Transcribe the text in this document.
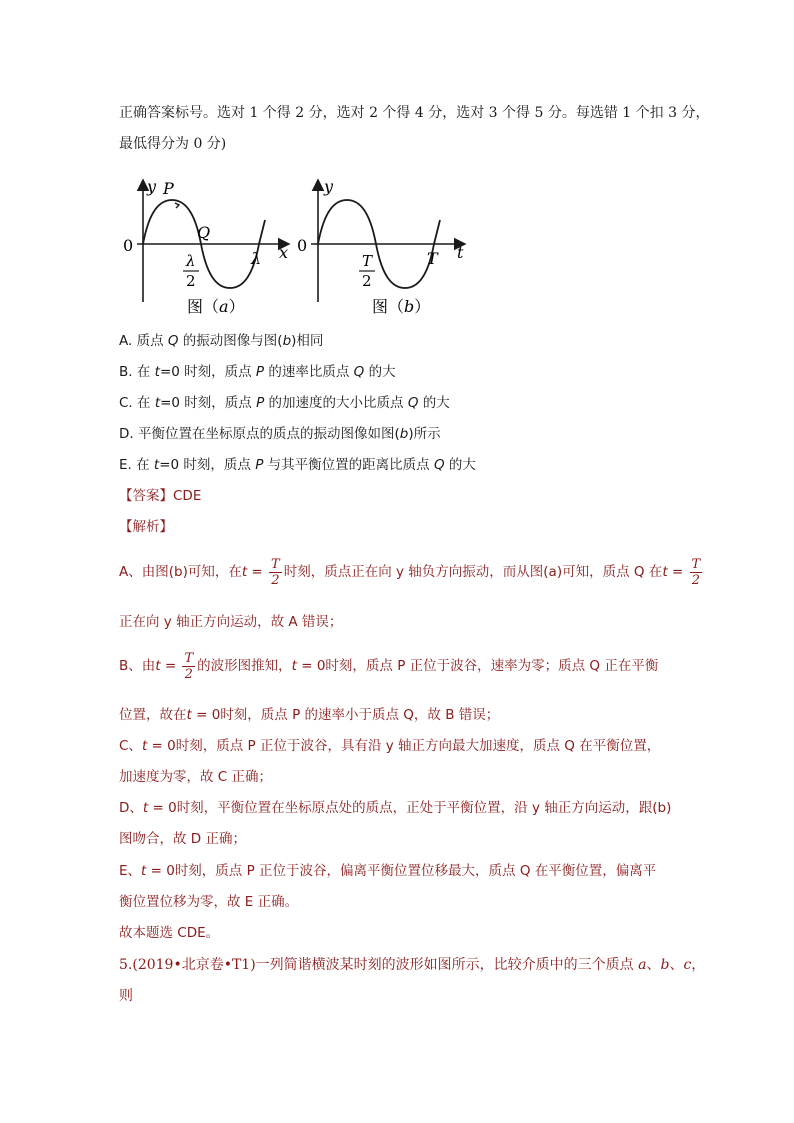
正确答案标号。选对 1 个得 2 分，选对 2 个得 4 分，选对 3 个得 5 分。每选错 1 个扣 3 分，
最低得分为 0 分)
0
y P
Q
λ
2
λ x
图（a）
0
y
T
2
T t
图（b）
A. 质点 Q 的振动图像与图(b)相同
B. 在 t=0 时刻，质点 P 的速率比质点 Q 的大
C. 在 t=0 时刻，质点 P 的加速度的大小比质点 Q 的大
D. 平衡位置在坐标原点的质点的振动图像如图(b)所示
E. 在 t=0 时刻，质点 P 与其平衡位置的距离比质点 Q 的大
【答案】CDE
【解析】
A、由图(b)可知，在$t = \frac{T}{2}$ 时刻，质点正在向 y 轴负方向振动，而从图(a)可知，质点 Q 在$t = \frac{T}{2}$
正在向 y 轴正方向运动，故 A 错误；
B、由$t = \frac{T}{2}$ 的波形图推知，t = 0时刻，质点 P 正位于波谷，速率为零；质点 Q 正在平衡
位置，故在t = 0时刻，质点 P 的速率小于质点 Q，故 B 错误；
C、t = 0时刻，质点 P 正位于波谷，具有沿 y 轴正方向最大加速度，质点 Q 在平衡位置，
加速度为零，故 C 正确；
D、t = 0时刻，平衡位置在坐标原点处的质点，正处于平衡位置，沿 y 轴正方向运动，跟(b)
图吻合，故 D 正确；
E、t = 0时刻，质点 P 正位于波谷，偏离平衡位置位移最大，质点 Q 在平衡位置，偏离平
衡位置位移为零，故 E 正确。
故本题选 CDE。
5.(2019•北京卷•T1)一列简谐横波某时刻的波形如图所示，比较介质中的三个质点 a、b、c，
则
